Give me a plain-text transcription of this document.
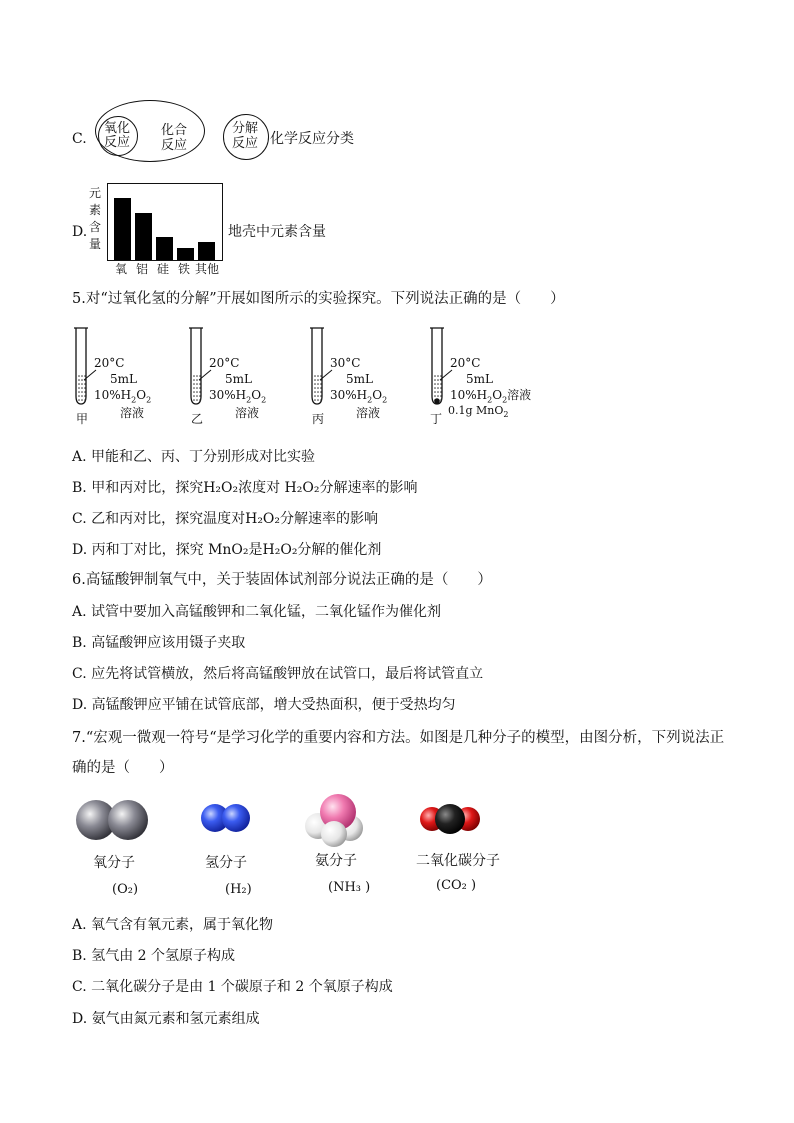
C.
氧化
反应
化合
反应
分解
反应 化学反应分类
D.
元
素
含
量
氧 铝 硅 铁 其他
地壳中元素含量
5.对“过氧化氢的分解”开展如图所示的实验探究。下列说法正确的是（　　）
20°C
5mL
$10\%H_2O_2$
溶液
甲
20°C
5mL
$30\%H_2O_2$
溶液
乙
30°C
5mL
$30\%H_2O_2$
溶液
丙
20°C
5mL
$10\%H_2O_2$溶液
0.1g MnO$_2$
丁
A. 甲能和乙、丙、丁分别形成对比实验
B. 甲和丙对比，探究H₂O₂浓度对 H₂O₂分解速率的影响
C. 乙和丙对比，探究温度对H₂O₂分解速率的影响
D. 丙和丁对比，探究 MnO₂是H₂O₂分解的催化剂
6.高锰酸钾制氧气中，关于装固体试剂部分说法正确的是（　　）
A. 试管中要加入高锰酸钾和二氧化锰，二氧化锰作为催化剂
B. 高锰酸钾应该用镊子夹取
C. 应先将试管横放，然后将高锰酸钾放在试管口，最后将试管直立
D. 高锰酸钾应平铺在试管底部，增大受热面积，便于受热均匀
7.“宏观一微观一符号“是学习化学的重要内容和方法。如图是几种分子的模型，由图分析，下列说法正
确的是（　　）
氧分子
(O₂)
氢分子
(H₂)
氨分子
(NH₃ )
二氧化碳分子
(CO₂ )
A. 氧气含有氧元素，属于氧化物
B. 氢气由 2 个氢原子构成
C. 二氧化碳分子是由 1 个碳原子和 2 个氧原子构成
D. 氨气由氮元素和氢元素组成
